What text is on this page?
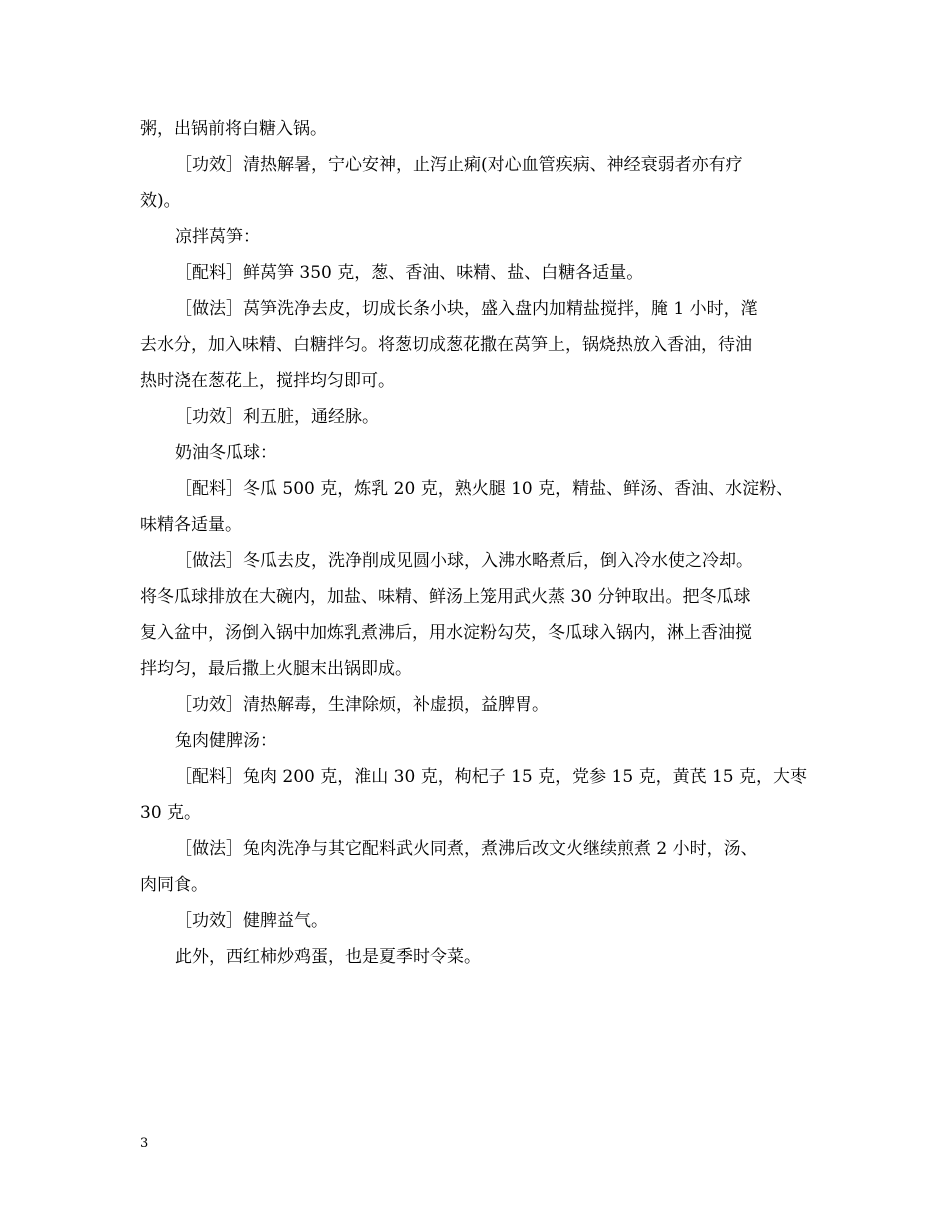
粥，出锅前将白糖入锅。
［功效］清热解暑，宁心安神，止泻止痢(对心血管疾病、神经衰弱者亦有疗
效)。
凉拌莴笋：
［配料］鲜莴笋 350 克，葱、香油、味精、盐、白糖各适量。
［做法］莴笋洗净去皮，切成长条小块，盛入盘内加精盐搅拌，腌 1 小时，滗
去水分，加入味精、白糖拌匀。将葱切成葱花撒在莴笋上，锅烧热放入香油，待油
热时浇在葱花上，搅拌均匀即可。
［功效］利五脏，通经脉。
奶油冬瓜球：
［配料］冬瓜 500 克，炼乳 20 克，熟火腿 10 克，精盐、鲜汤、香油、水淀粉、
味精各适量。
［做法］冬瓜去皮，洗净削成见圆小球，入沸水略煮后，倒入冷水使之冷却。
将冬瓜球排放在大碗内，加盐、味精、鲜汤上笼用武火蒸 30 分钟取出。把冬瓜球
复入盆中，汤倒入锅中加炼乳煮沸后，用水淀粉勾芡，冬瓜球入锅内，淋上香油搅
拌均匀，最后撒上火腿末出锅即成。
［功效］清热解毒，生津除烦，补虚损，益脾胃。
兔肉健脾汤：
［配料］兔肉 200 克，淮山 30 克，枸杞子 15 克，党参 15 克，黄芪 15 克，大枣
30 克。
［做法］兔肉洗净与其它配料武火同煮，煮沸后改文火继续煎煮 2 小时，汤、
肉同食。
［功效］健脾益气。
此外，西红柿炒鸡蛋，也是夏季时令菜。
3
